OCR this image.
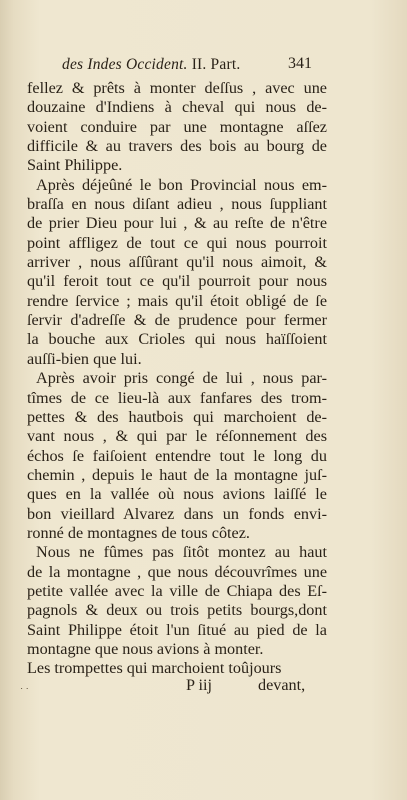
des Indes Occident. II. Part.	341
fellez & prêts à monter deſſus , avec une
douzaine d'Indiens à cheval qui nous de-
voient conduire par une montagne aſſez
difficile & au travers des bois au bourg de
Saint Philippe.
Après déjeûné le bon Provincial nous em-
braſſa en nous diſant adieu , nous ſuppliant
de prier Dieu pour lui , & au reſte de n'être
point affligez de tout ce qui nous pourroit
arriver , nous aſſûrant qu'il nous aimoit, &
qu'il feroit tout ce qu'il pourroit pour nous
rendre ſervice ; mais qu'il étoit obligé de ſe
ſervir d'adreſſe & de prudence pour fermer
la bouche aux Crioles qui nous haïſſoient
auſſi-bien que lui.
Après avoir pris congé de lui , nous par-
tîmes de ce lieu-là aux fanfares des trom-
pettes & des hautbois qui marchoient de-
vant nous , & qui par le réſonnement des
échos ſe faiſoient entendre tout le long du
chemin , depuis le haut de la montagne juſ-
ques en la vallée où nous avions laiſſé le
bon vieillard Alvarez dans un fonds envi-
ronné de montagnes de tous côtez.
Nous ne fûmes pas ſitôt montez au haut
de la montagne , que nous découvrîmes une
petite vallée avec la ville de Chiapa des Eſ-
pagnols & deux ou trois petits bourgs,dont
Saint Philippe étoit l'un ſitué au pied de la
montagne que nous avions à monter.
Les trompettes qui marchoient toûjours
⋅ ⋅	P iij	devant,
